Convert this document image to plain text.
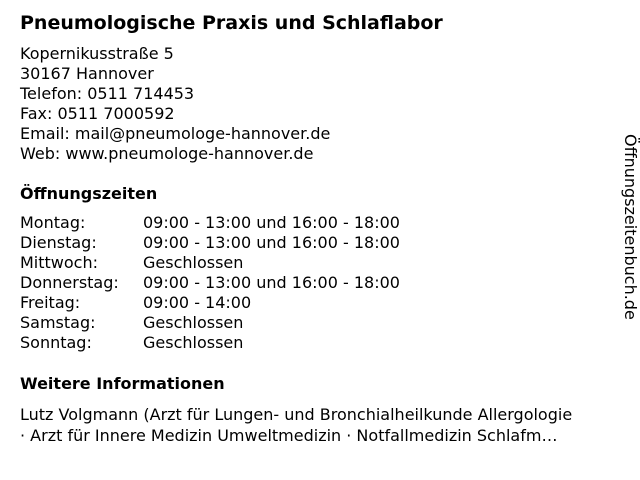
Pneumologische Praxis und Schlaflabor
Kopernikusstraße 5
30167 Hannover
Telefon: 0511 714453
Fax: 0511 7000592
Email: mail@pneumologe-hannover.de
Web: www.pneumologe-hannover.de
Öffnungszeiten
Montag:	09:00 - 13:00 und 16:00 - 18:00
Dienstag:	09:00 - 13:00 und 16:00 - 18:00
Mittwoch:	Geschlossen
Donnerstag:	09:00 - 13:00 und 16:00 - 18:00
Freitag:	09:00 - 14:00
Samstag:	Geschlossen
Sonntag:	Geschlossen
Weitere Informationen
Lutz Volgmann (Arzt für Lungen- und Bronchialheilkunde Allergologie
· Arzt für Innere Medizin Umweltmedizin · Notfallmedizin Schlafm…
Öffnungszeitenbuch.de
